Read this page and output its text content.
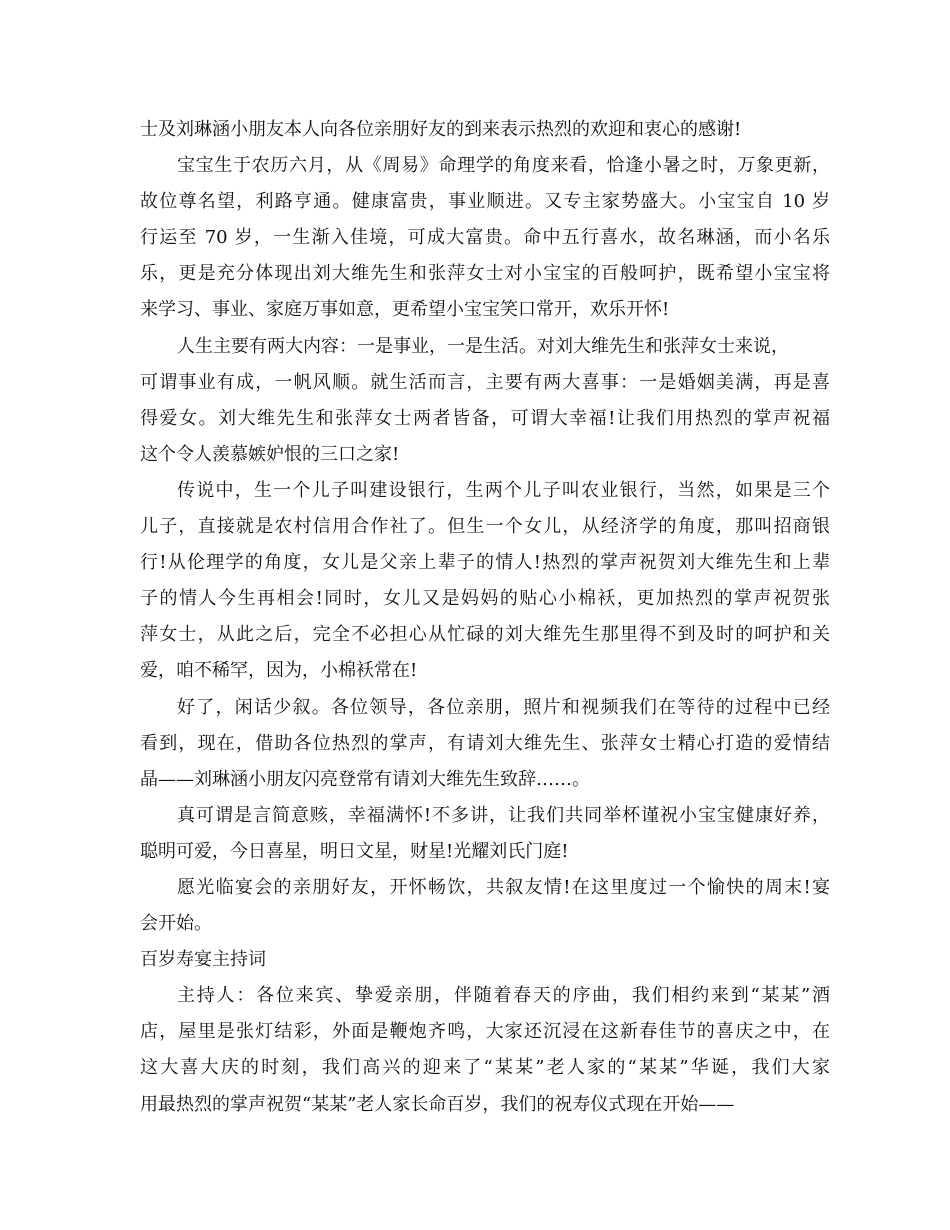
士及刘琳涵小朋友本人向各位亲朋好友的到来表示热烈的欢迎和衷心的感谢!
宝宝生于农历六月，从《周易》命理学的角度来看，恰逢小暑之时，万象更新，
故位尊名望，利路亨通。健康富贵，事业顺进。又专主家势盛大。小宝宝自 10 岁
行运至 70 岁，一生渐入佳境，可成大富贵。命中五行喜水，故名琳涵，而小名乐
乐，更是充分体现出刘大维先生和张萍女士对小宝宝的百般呵护，既希望小宝宝将
来学习、事业、家庭万事如意，更希望小宝宝笑口常开，欢乐开怀!
人生主要有两大内容：一是事业，一是生活。对刘大维先生和张萍女士来说，
可谓事业有成，一帆风顺。就生活而言，主要有两大喜事：一是婚姻美满，再是喜
得爱女。刘大维先生和张萍女士两者皆备，可谓大幸福!让我们用热烈的掌声祝福
这个令人羡慕嫉妒恨的三口之家!
传说中，生一个儿子叫建设银行，生两个儿子叫农业银行，当然，如果是三个
儿子，直接就是农村信用合作社了。但生一个女儿，从经济学的角度，那叫招商银
行!从伦理学的角度，女儿是父亲上辈子的情人!热烈的掌声祝贺刘大维先生和上辈
子的情人今生再相会!同时，女儿又是妈妈的贴心小棉袄，更加热烈的掌声祝贺张
萍女士，从此之后，完全不必担心从忙碌的刘大维先生那里得不到及时的呵护和关
爱，咱不稀罕，因为，小棉袄常在!
好了，闲话少叙。各位领导，各位亲朋，照片和视频我们在等待的过程中已经
看到，现在，借助各位热烈的掌声，有请刘大维先生、张萍女士精心打造的爱情结
晶——刘琳涵小朋友闪亮登常有请刘大维先生致辞……。
真可谓是言简意赅，幸福满怀!不多讲，让我们共同举杯谨祝小宝宝健康好养，
聪明可爱，今日喜星，明日文星，财星!光耀刘氏门庭!
愿光临宴会的亲朋好友，开怀畅饮，共叙友情!在这里度过一个愉快的周末!宴
会开始。
百岁寿宴主持词
主持人：各位来宾、挚爱亲朋，伴随着春天的序曲，我们相约来到“某某”酒
店，屋里是张灯结彩，外面是鞭炮齐鸣，大家还沉浸在这新春佳节的喜庆之中，在
这大喜大庆的时刻，我们高兴的迎来了“某某”老人家的“某某”华诞，我们大家
用最热烈的掌声祝贺“某某”老人家长命百岁，我们的祝寿仪式现在开始——
